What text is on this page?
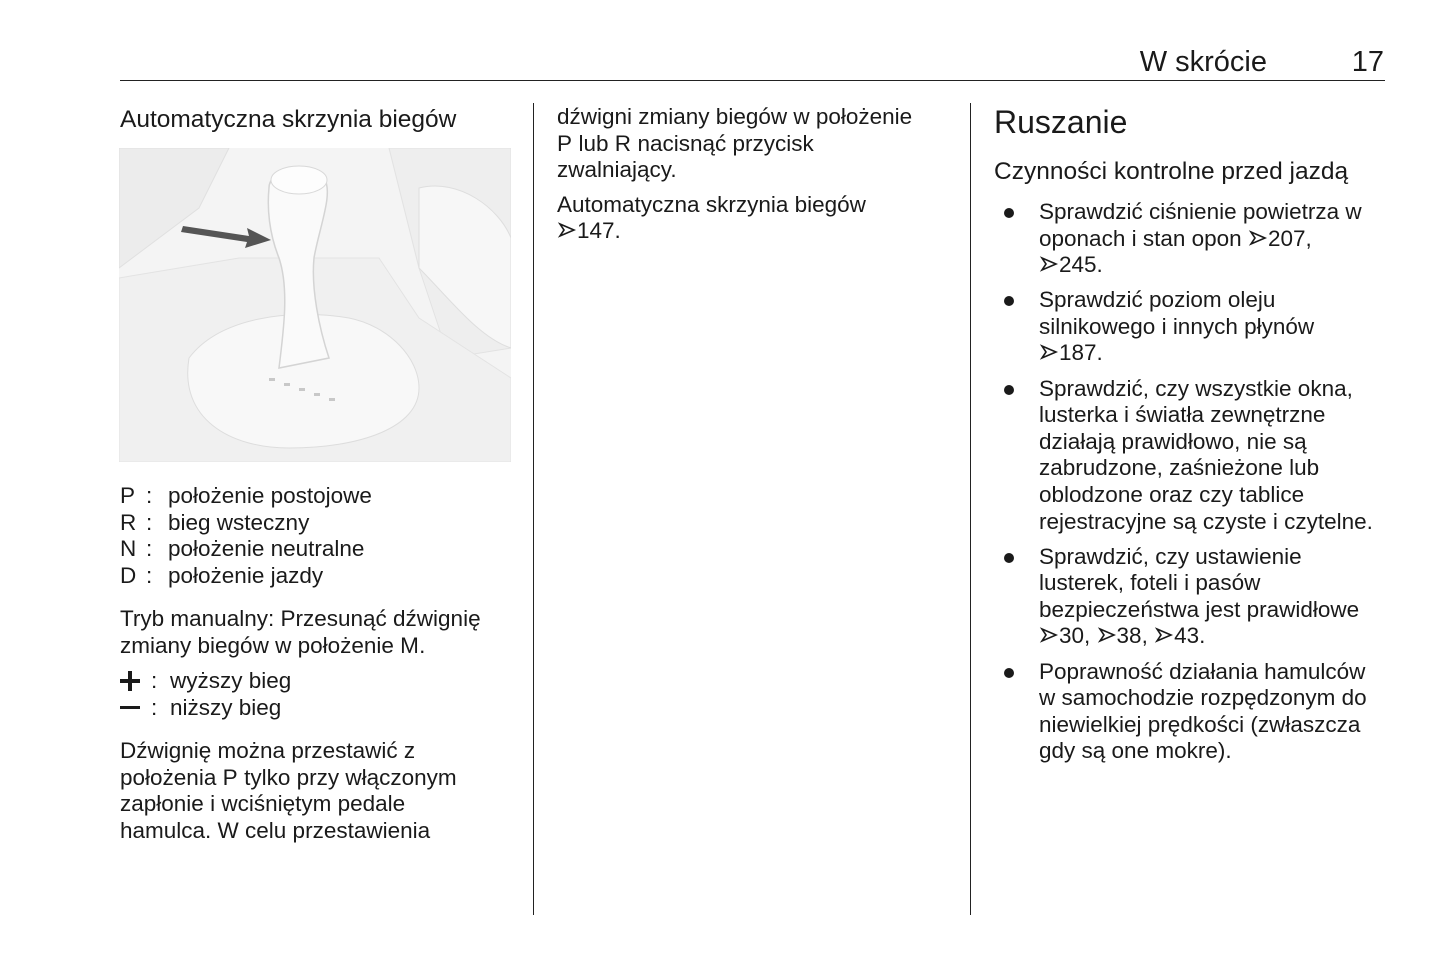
W skrócie	17

Automatyczna skrzynia biegów

P : położenie postojowe
R : bieg wsteczny
N : położenie neutralne
D : położenie jazdy

Tryb manualny: Przesunąć dźwignię zmiany biegów w położenie M.

: wyższy bieg
: niższy bieg

Dźwignię można przestawić z

położenia P tylko przy włączonym

zapłonie i wciśniętym pedale

hamulca. W celu przestawienia

dźwigni zmiany biegów w położenie

P lub R nacisnąć przycisk

zwalniający.

Automatyczna skrzynia biegów

147.

Ruszanie

Czynności kontrolne przed jazdą

Sprawdzić ciśnienie powietrza w
oponach i stan opon 207,
245.
Sprawdzić poziom oleju
silnikowego i innych płynów
187.
Sprawdzić, czy wszystkie okna,
lusterka i światła zewnętrzne
działają prawidłowo, nie są
zabrudzone, zaśnieżone lub
oblodzone oraz czy tablice
rejestracyjne są czyste i czytelne.
Sprawdzić, czy ustawienie
lusterek, foteli i pasów
bezpieczeństwa jest prawidłowe
30, 38, 43.
Poprawność działania hamulców
w samochodzie rozpędzonym do
niewielkiej prędkości (zwłaszcza
gdy są one mokre).
